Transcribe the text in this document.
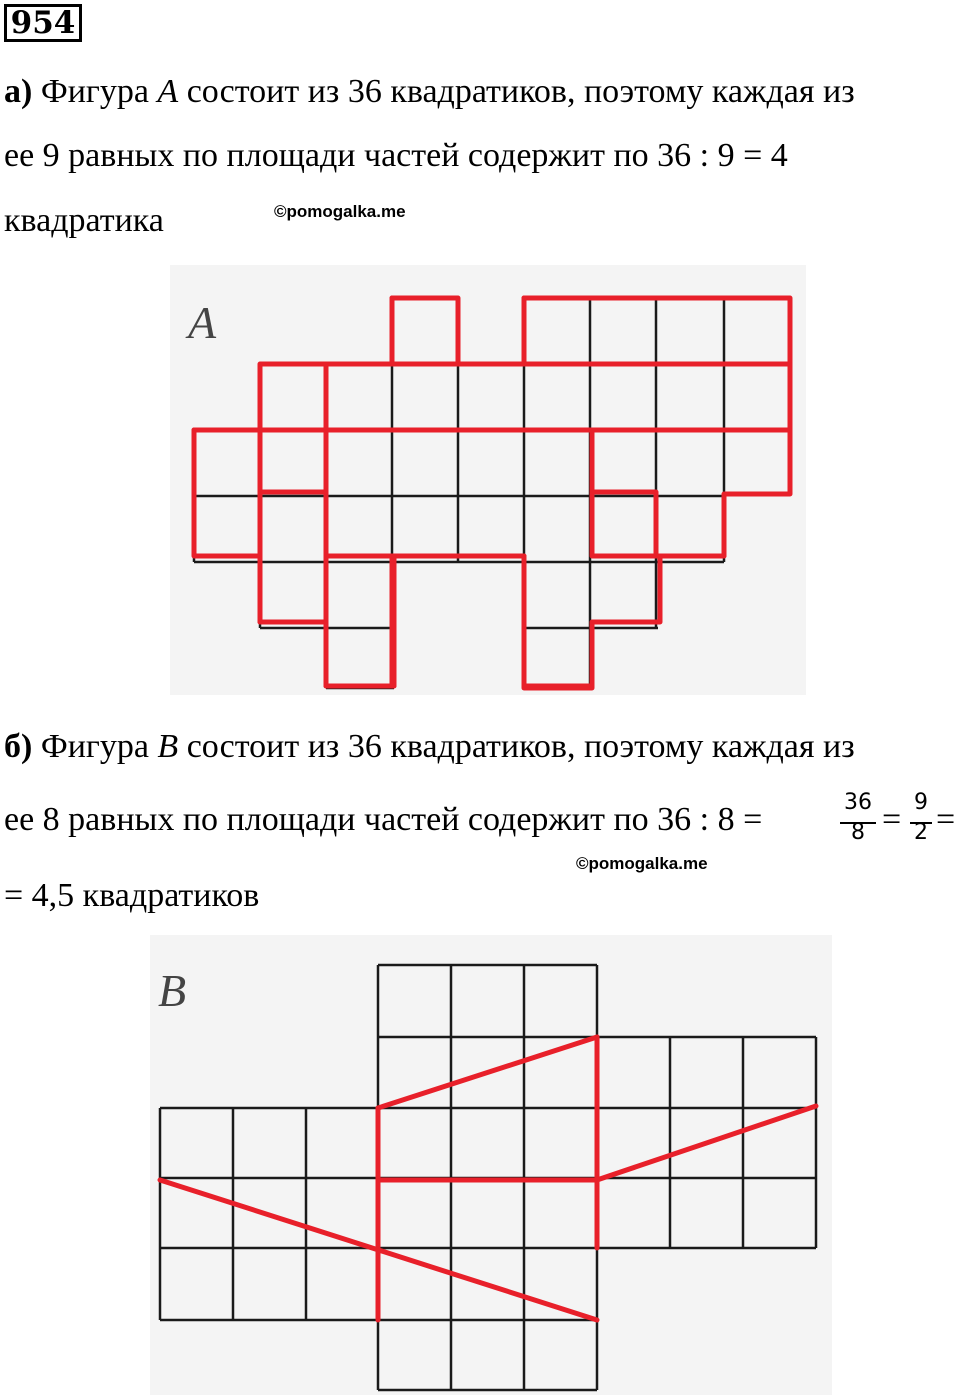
954
а) Фигура A состоит из 36 квадратиков, поэтому каждая из
ее 9 равных по площади частей содержит по 36 : 9 = 4
квадратика	©pomogalka.me
A
б) Фигура B состоит из 36 квадратиков, поэтому каждая из
ее 8 равных по площади частей содержит по 36 : 8 =	36
8 = 9
2 =
©pomogalka.me
= 4,5 квадратиков
B
